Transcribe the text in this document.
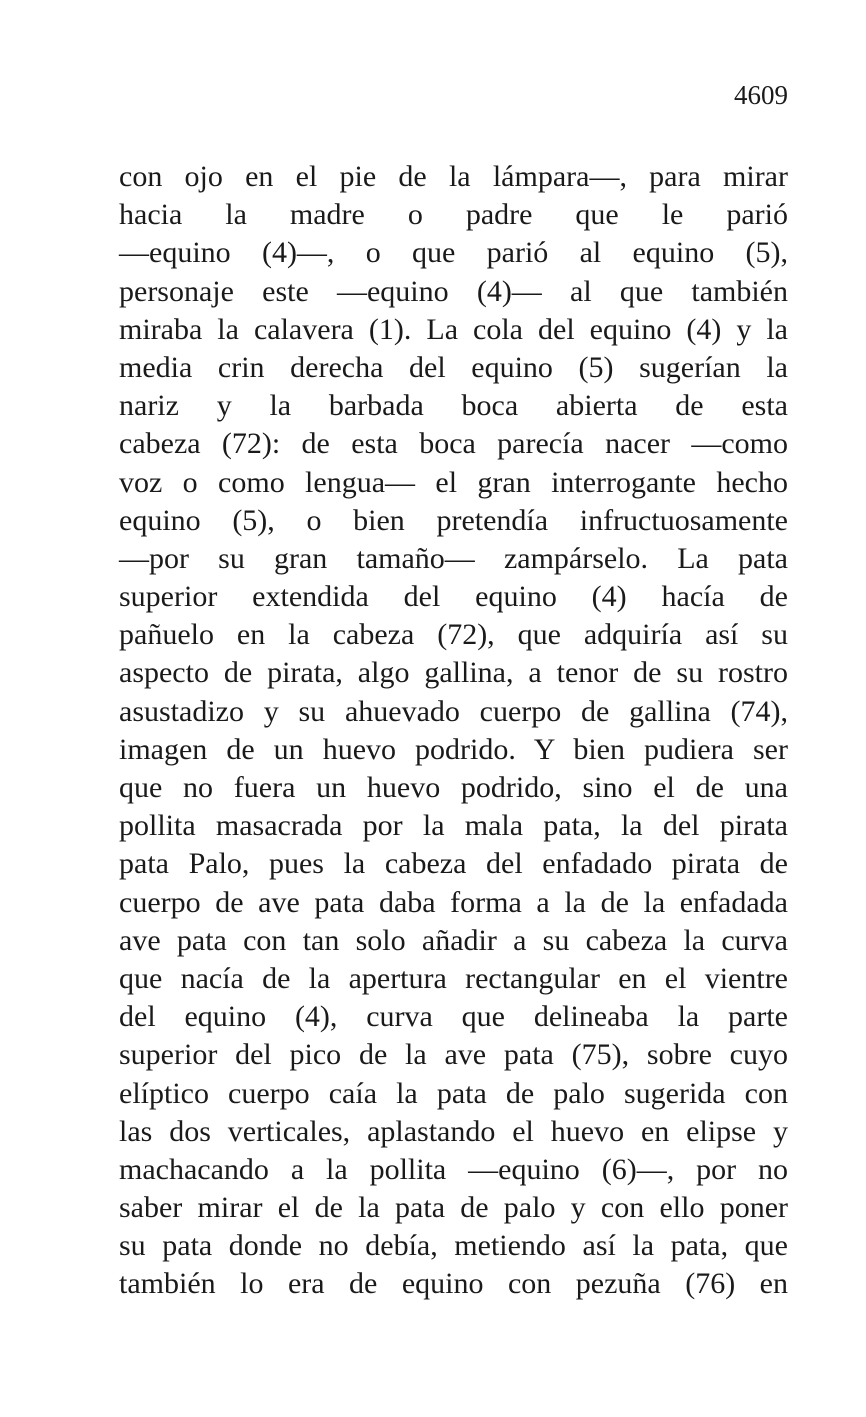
4609
con ojo en el pie de la lámpara—, para mirar
hacia la madre o padre que le parió
—equino (4)—, o que parió al equino (5),
personaje este —equino (4)— al que también
miraba la calavera (1). La cola del equino (4) y la
media crin derecha del equino (5) sugerían la
nariz y la barbada boca abierta de esta
cabeza (72): de esta boca parecía nacer —como
voz o como lengua— el gran interrogante hecho
equino (5), o bien pretendía infructuosamente
—por su gran tamaño— zampárselo. La pata
superior extendida del equino (4) hacía de
pañuelo en la cabeza (72), que adquiría así su
aspecto de pirata, algo gallina, a tenor de su rostro
asustadizo y su ahuevado cuerpo de gallina (74),
imagen de un huevo podrido. Y bien pudiera ser
que no fuera un huevo podrido, sino el de una
pollita masacrada por la mala pata, la del pirata
pata Palo, pues la cabeza del enfadado pirata de
cuerpo de ave pata daba forma a la de la enfadada
ave pata con tan solo añadir a su cabeza la curva
que nacía de la apertura rectangular en el vientre
del equino (4), curva que delineaba la parte
superior del pico de la ave pata (75), sobre cuyo
elíptico cuerpo caía la pata de palo sugerida con
las dos verticales, aplastando el huevo en elipse y
machacando a la pollita —equino (6)—, por no
saber mirar el de la pata de palo y con ello poner
su pata donde no debía, metiendo así la pata, que
también lo era de equino con pezuña (76) en
